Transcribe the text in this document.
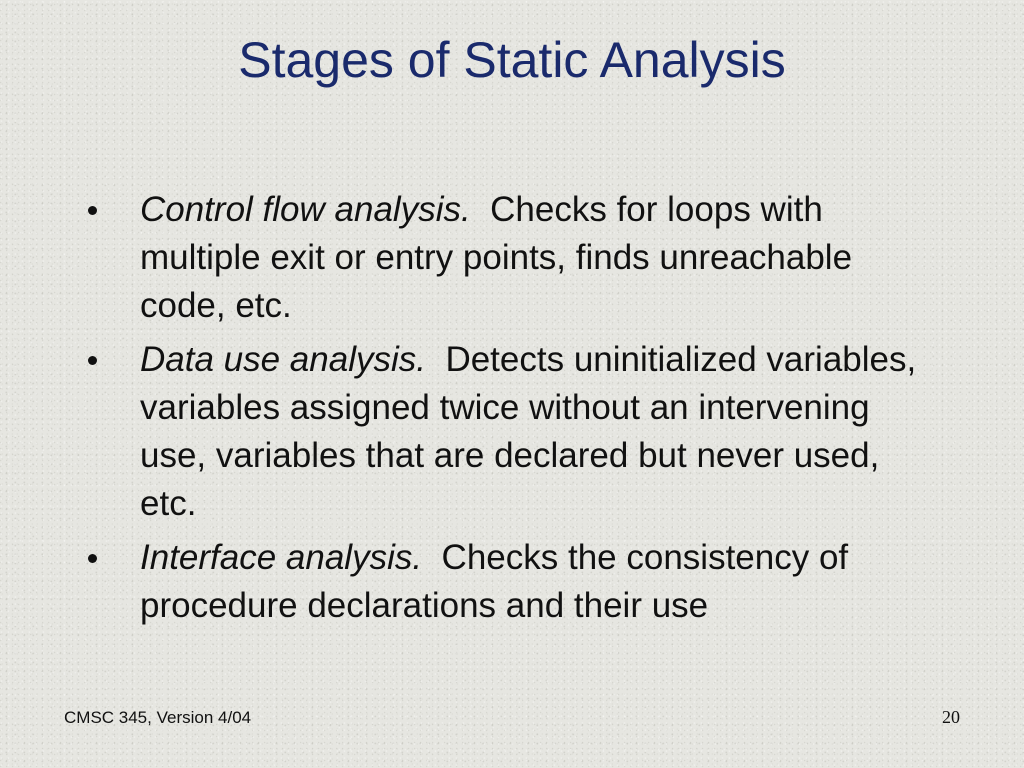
Stages of Static Analysis
Control flow analysis. Checks for loops with multiple exit or entry points, finds unreachable code, etc.
Data use analysis. Detects uninitialized variables, variables assigned twice without an intervening use, variables that are declared but never used, etc.
Interface analysis. Checks the consistency of procedure declarations and their use
CMSC 345, Version 4/04	20
